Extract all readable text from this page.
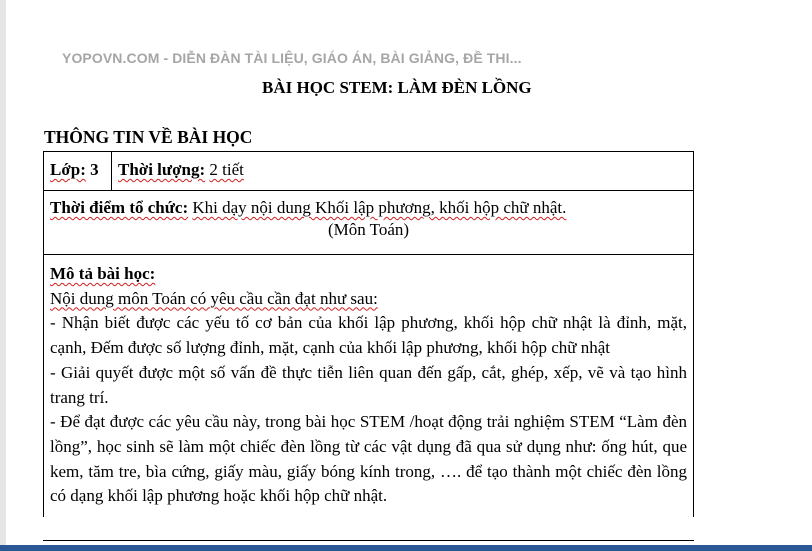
YOPOVN.COM - DIỄN ĐÀN TÀI LIỆU, GIÁO ÁN, BÀI GIẢNG, ĐỀ THI...
BÀI HỌC STEM: LÀM ĐÈN LỒNG
THÔNG TIN VỀ BÀI HỌC
Lớp: 3	Thời lượng: 2 tiết
Thời điểm tổ chức: Khi dạy nội dung Khối lập phương, khối hộp chữ nhật.
(Môn Toán)

Mô tả bài học:

Nội dung môn Toán có yêu cầu cần đạt như sau:

- Nhận biết được các yếu tố cơ bản của khối lập phương, khối hộp chữ nhật là đỉnh, mặt, cạnh, Đếm được số lượng đỉnh, mặt, cạnh của khối lập phương, khối hộp chữ nhật

- Giải quyết được một số vấn đề thực tiễn liên quan đến gấp, cắt, ghép, xếp, vẽ và tạo hình trang trí.

- Để đạt được các yêu cầu này, trong bài học STEM /hoạt động trải nghiệm STEM “Làm đèn lồng”, học sinh sẽ làm một chiếc đèn lồng từ các vật dụng đã qua sử dụng như: ống hút, que kem, tăm tre, bìa cứng, giấy màu, giấy bóng kính trong, …. để tạo thành một chiếc đèn lồng có dạng khối lập phương hoặc khối hộp chữ nhật.
